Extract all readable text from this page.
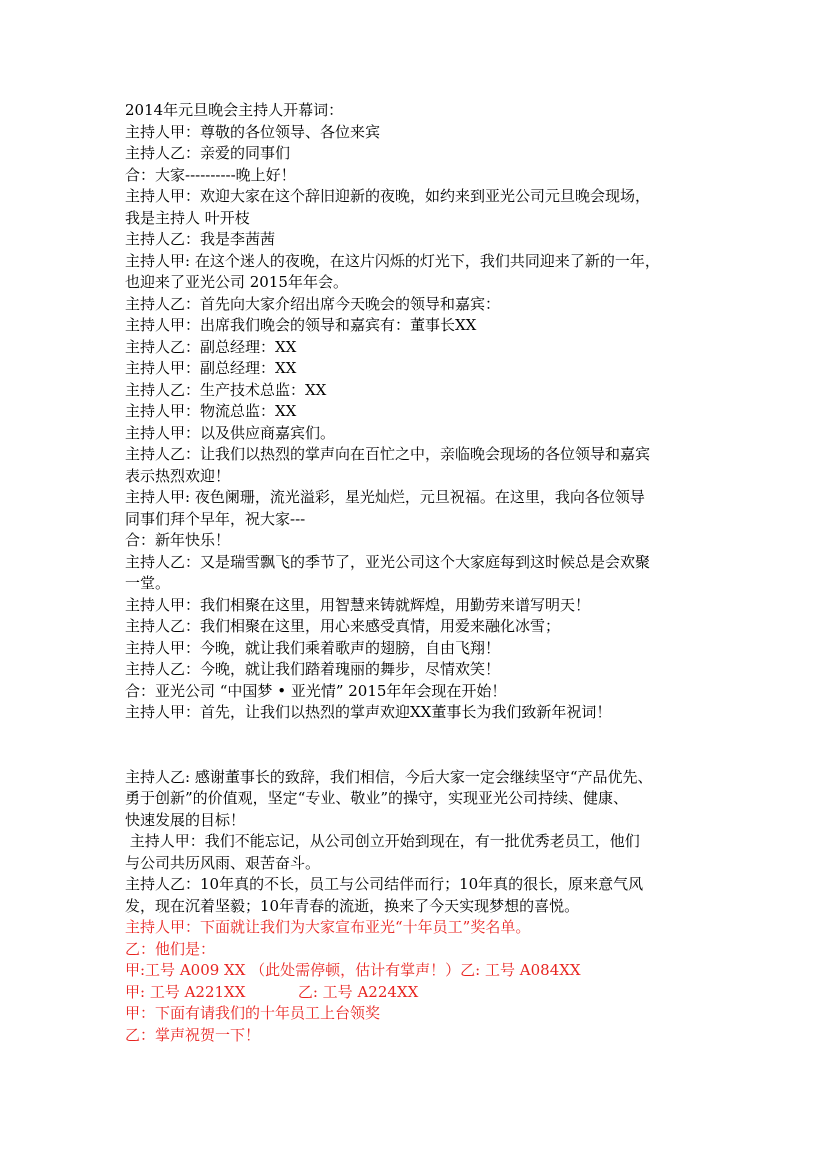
2014年元旦晚会主持人开幕词：
主持人甲：尊敬的各位领导、各位来宾
主持人乙：亲爱的同事们
合：大家----------晚上好！
主持人甲：欢迎大家在这个辞旧迎新的夜晚，如约来到亚光公司元旦晚会现场，
我是主持人 叶开枝
主持人乙：我是李茜茜
主持人甲: 在这个迷人的夜晚，在这片闪烁的灯光下，我们共同迎来了新的一年，
也迎来了亚光公司 2015年年会。
主持人乙：首先向大家介绍出席今天晚会的领导和嘉宾：
主持人甲：出席我们晚会的领导和嘉宾有：董事长XX
主持人乙：副总经理：XX
主持人甲：副总经理：XX
主持人乙：生产技术总监：XX
主持人甲：物流总监：XX
主持人甲：以及供应商嘉宾们。
主持人乙：让我们以热烈的掌声向在百忙之中，亲临晚会现场的各位领导和嘉宾
表示热烈欢迎！
主持人甲: 夜色阑珊，流光溢彩，星光灿烂，元旦祝福。在这里，我向各位领导
同事们拜个早年，祝大家---
合：新年快乐！
主持人乙：又是瑞雪飘飞的季节了，亚光公司这个大家庭每到这时候总是会欢聚
一堂。
主持人甲：我们相聚在这里，用智慧来铸就辉煌，用勤劳来谱写明天！
主持人乙：我们相聚在这里，用心来感受真情，用爱来融化冰雪；
主持人甲：今晚，就让我们乘着歌声的翅膀，自由飞翔！
主持人乙：今晚，就让我们踏着瑰丽的舞步，尽情欢笑！
合：亚光公司 “中国梦 • 亚光情” 2015年年会现在开始！
主持人甲：首先，让我们以热烈的掌声欢迎XX董事长为我们致新年祝词！
主持人乙: 感谢董事长的致辞，我们相信，今后大家一定会继续坚守“产品优先、
勇于创新”的价值观，坚定“专业、敬业”的操守，实现亚光公司持续、健康、
快速发展的目标！
主持人甲：我们不能忘记，从公司创立开始到现在，有一批优秀老员工，他们
与公司共历风雨、艰苦奋斗。
主持人乙：10年真的不长，员工与公司结伴而行；10年真的很长，原来意气风
发，现在沉着坚毅；10年青春的流逝，换来了今天实现梦想的喜悦。
主持人甲：下面就让我们为大家宣布亚光“十年员工”奖名单。
乙：他们是：
甲:工号 A009 XX （此处需停顿，估计有掌声！）乙: 工号 A084XX
甲: 工号 A221XX           乙: 工号 A224XX
甲：下面有请我们的十年员工上台领奖
乙：掌声祝贺一下！
